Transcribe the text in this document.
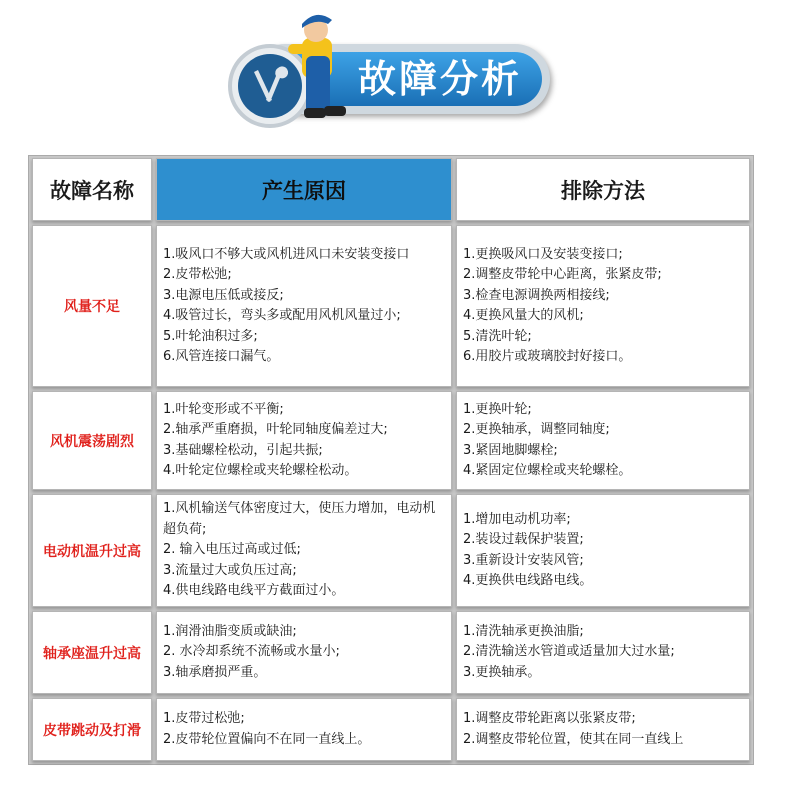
故障分析
故障名称	产生原因	排除方法
风量不足
1.吸风口不够大或风机进风口未安装变接口
2.皮带松弛;
3.电源电压低或接反;
4.吸管过长，弯头多或配用风机风量过小;
5.叶轮油积过多;
6.风管连接口漏气。
1.更换吸风口及安装变接口;
2.调整皮带轮中心距离，张紧皮带;
3.检查电源调换两相接线;
4.更换风量大的风机;
5.清洗叶轮;
6.用胶片或玻璃胶封好接口。
风机震荡剧烈
1.叶轮变形或不平衡;
2.轴承严重磨损，叶轮同轴度偏差过大;
3.基础螺栓松动，引起共振;
4.叶轮定位螺栓或夹轮螺栓松动。
1.更换叶轮;
2.更换轴承，调整同轴度;
3.紧固地脚螺栓;
4.紧固定位螺栓或夹轮螺栓。
电动机温升过高
1.风机输送气体密度过大，使压力增加，电动机超负荷;
2. 输入电压过高或过低;
3.流量过大或负压过高;
4.供电线路电线平方截面过小。
1.增加电动机功率;
2.装设过载保护装置;
3.重新设计安装风管;
4.更换供电线路电线。
轴承座温升过高
1.润滑油脂变质或缺油;
2. 水冷却系统不流畅或水量小;
3.轴承磨损严重。
1.清洗轴承更换油脂;
2.清洗输送水管道或适量加大过水量;
3.更换轴承。
皮带跳动及打滑
1.皮带过松弛;
2.皮带轮位置偏向不在同一直线上。
1.调整皮带轮距离以张紧皮带;
2.调整皮带轮位置，使其在同一直线上
